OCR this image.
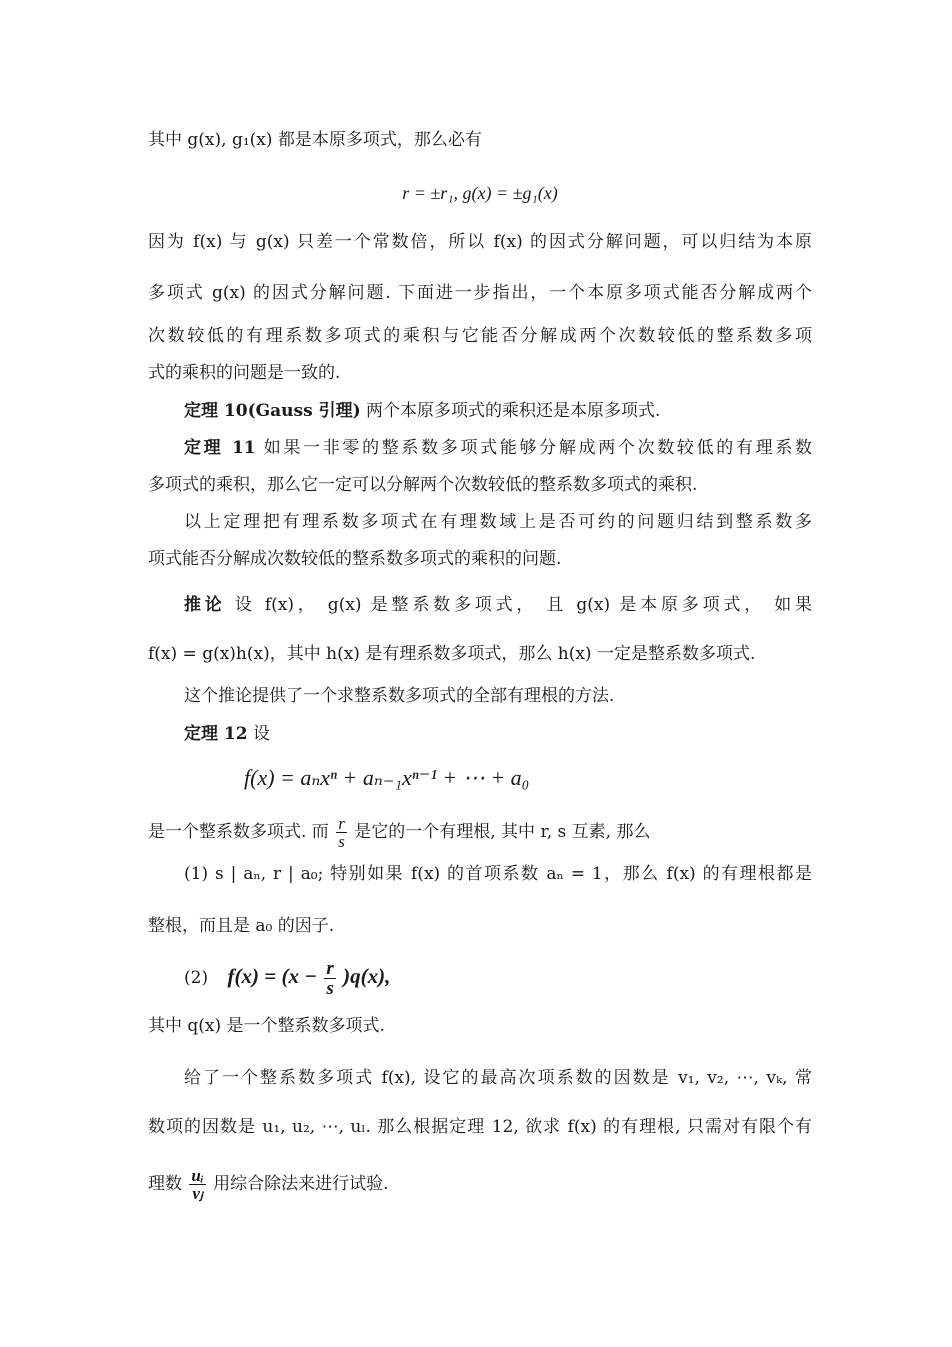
其中 g(x), g₁(x) 都是本原多项式，那么必有
r = ±r₁, g(x) = ±g₁(x)
因为 f(x) 与 g(x) 只差一个常数倍，所以 f(x) 的因式分解问题，可以归结为本原
多项式 g(x) 的因式分解问题. 下面进一步指出，一个本原多项式能否分解成两个
次数较低的有理系数多项式的乘积与它能否分解成两个次数较低的整系数多项
式的乘积的问题是一致的.
定理 10(Gauss 引理) 两个本原多项式的乘积还是本原多项式.
定理 11 如果一非零的整系数多项式能够分解成两个次数较低的有理系数
多项式的乘积，那么它一定可以分解两个次数较低的整系数多项式的乘积.
以上定理把有理系数多项式在有理数域上是否可约的问题归结到整系数多
项式能否分解成次数较低的整系数多项式的乘积的问题.
推论 设 f(x)， g(x) 是整系数多项式， 且 g(x) 是本原多项式， 如果
f(x) = g(x)h(x)，其中 h(x) 是有理系数多项式，那么 h(x) 一定是整系数多项式.
这个推论提供了一个求整系数多项式的全部有理根的方法.
定理 12 设
f(x) = aₙxⁿ + aₙ₋₁xⁿ⁻¹ + ⋯ + a₀
是一个整系数多项式. 而 $\frac{r}{s}$ 是它的一个有理根, 其中 r, s 互素, 那么
(1) s | aₙ, r | a₀; 特别如果 f(x) 的首项系数 aₙ = 1，那么 f(x) 的有理根都是
整根，而且是 a₀ 的因子.
(2) $f(x) = (x - \frac{r}{s} )q(x)$,
其中 q(x) 是一个整系数多项式.
给了一个整系数多项式 f(x), 设它的最高次项系数的因数是 v₁, v₂, ⋯, vₖ, 常
数项的因数是 u₁, u₂, ⋯, uₗ. 那么根据定理 12, 欲求 f(x) 的有理根, 只需对有限个有
理数 $\frac{\text{uᵢ}}{\text{vⱼ}}$ 用综合除法来进行试验.
